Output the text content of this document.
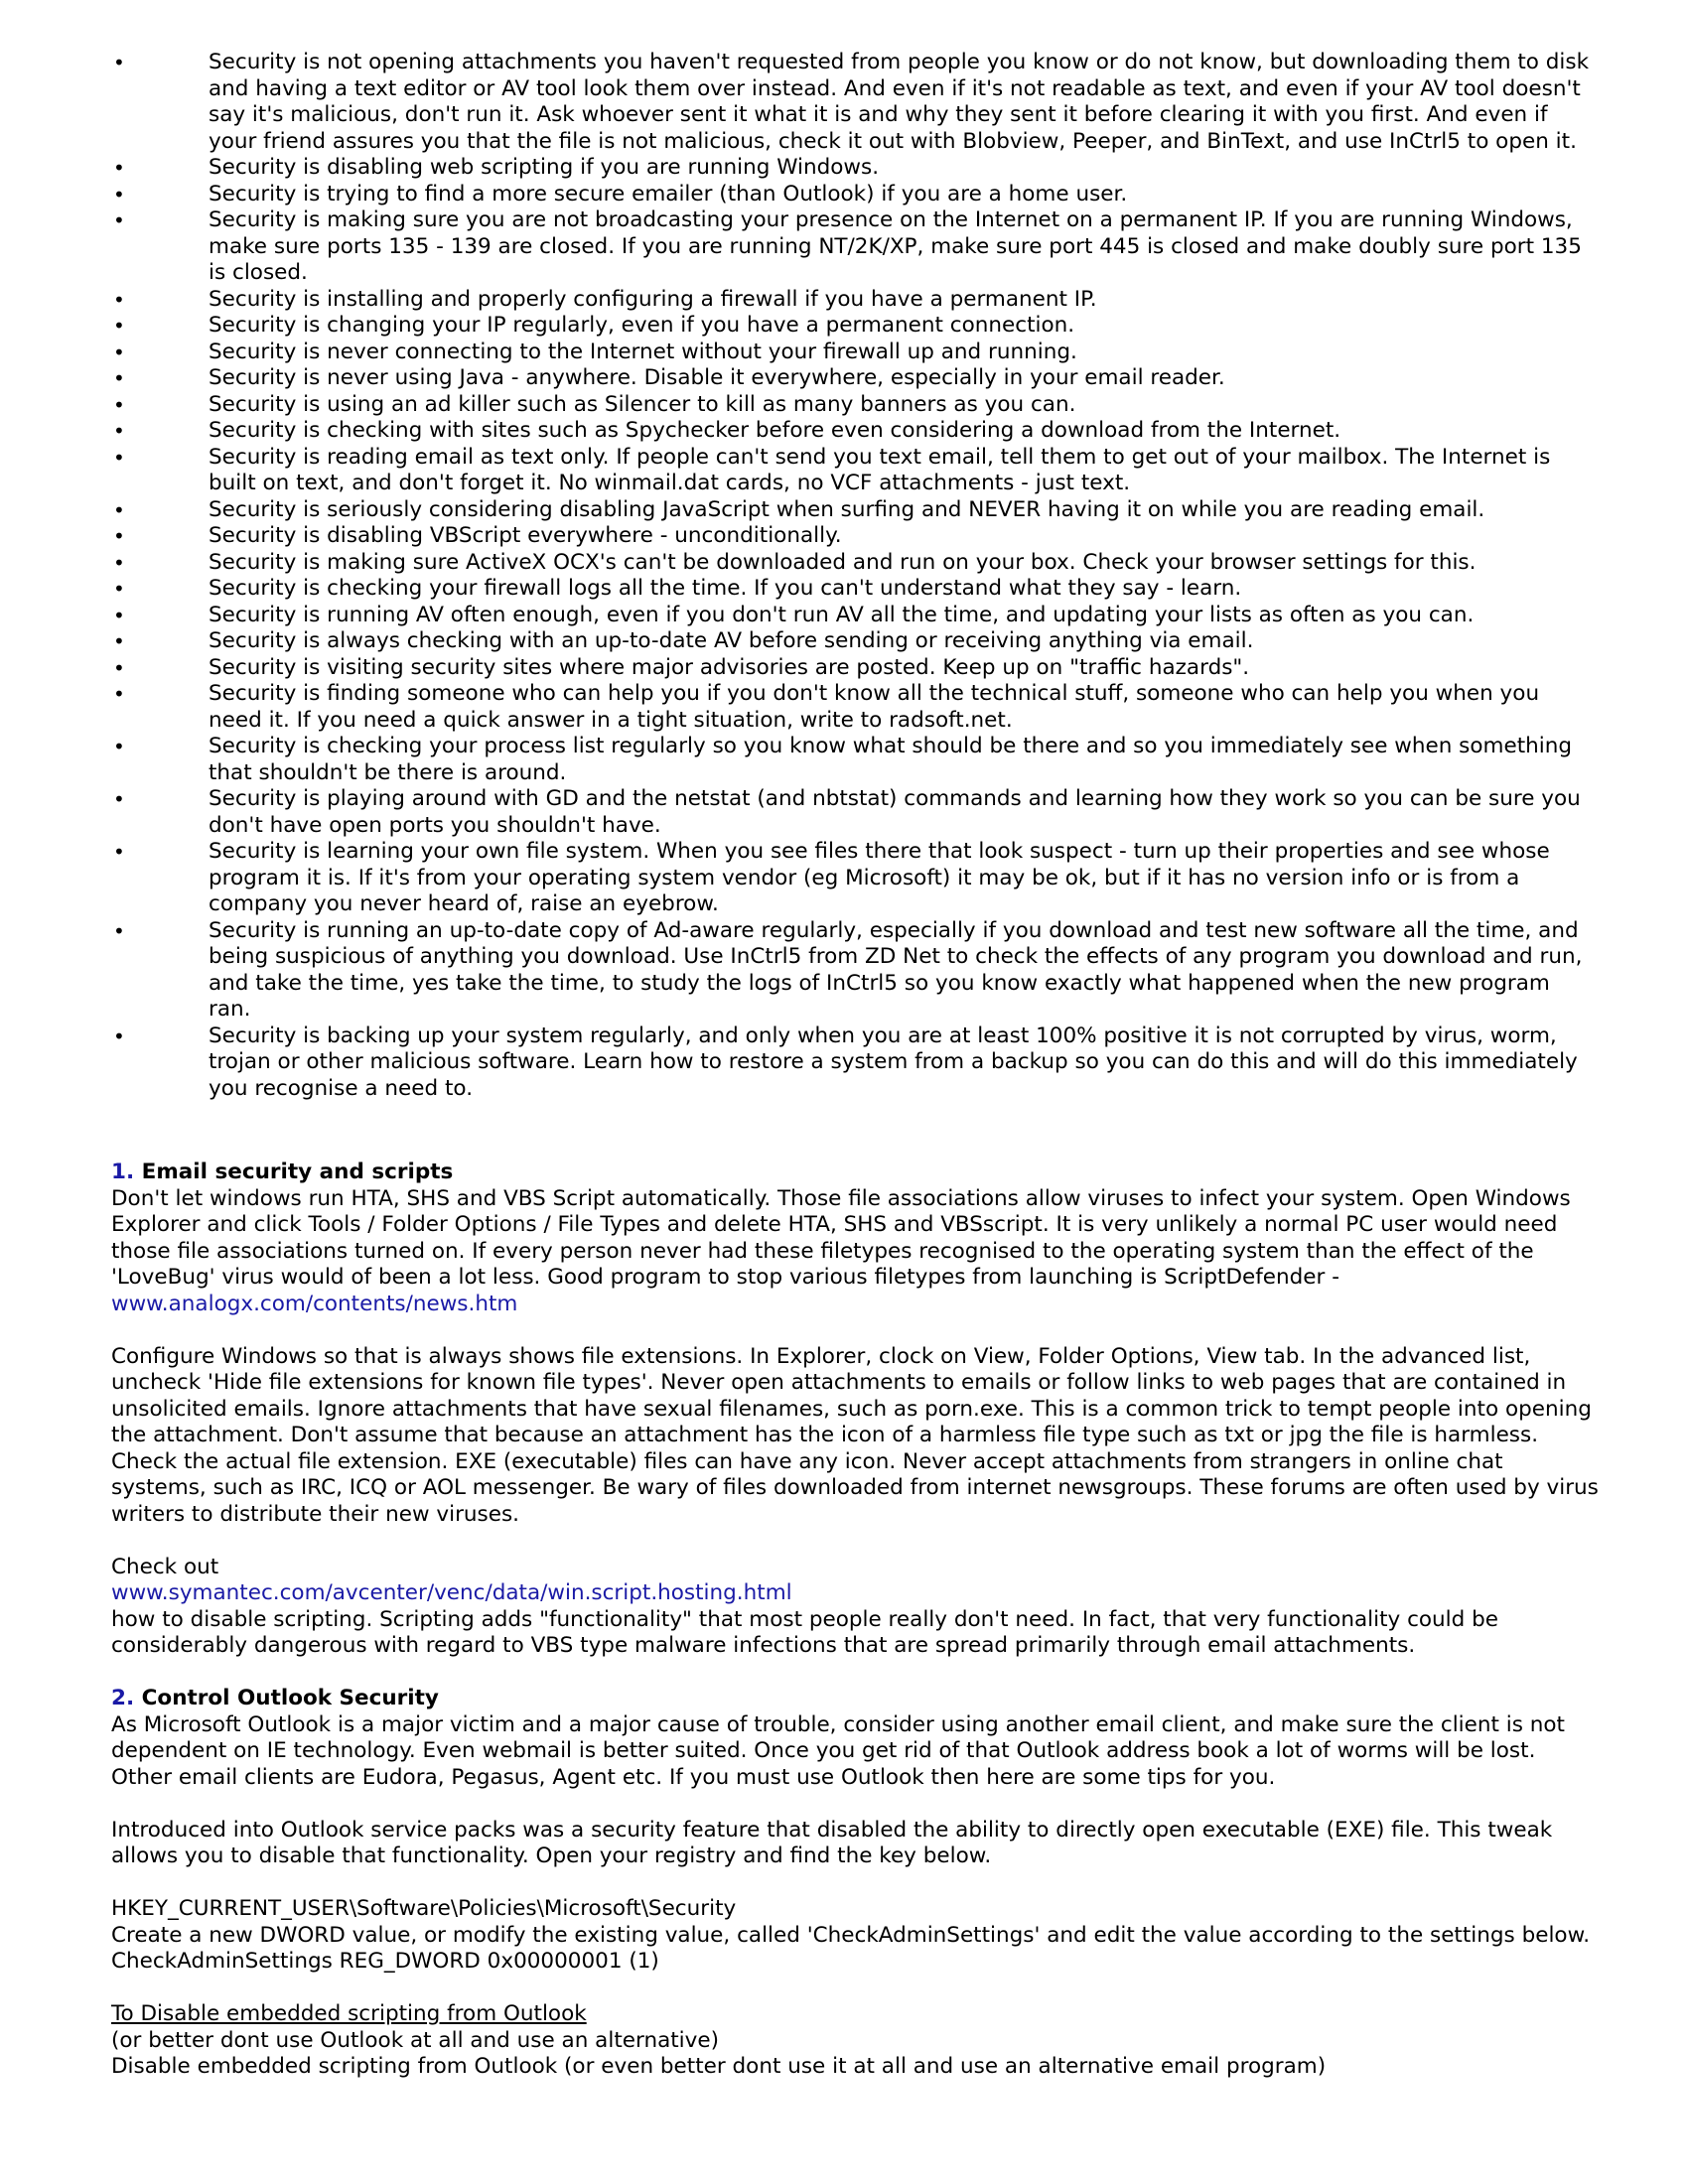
•	Security is not opening attachments you haven't requested from people you know or do not know, but downloading them to disk and having a text editor or AV tool look them over instead. And even if it's not readable as text, and even if your AV tool doesn't say it's malicious, don't run it. Ask whoever sent it what it is and why they sent it before clearing it with you first. And even if your friend assures you that the file is not malicious, check it out with Blobview, Peeper, and BinText, and use InCtrl5 to open it.
•	Security is disabling web scripting if you are running Windows.
•	Security is trying to find a more secure emailer (than Outlook) if you are a home user.
•	Security is making sure you are not broadcasting your presence on the Internet on a permanent IP. If you are running Windows, make sure ports 135 - 139 are closed. If you are running NT/2K/XP, make sure port 445 is closed and make doubly sure port 135 is closed.
•	Security is installing and properly configuring a firewall if you have a permanent IP.
•	Security is changing your IP regularly, even if you have a permanent connection.
•	Security is never connecting to the Internet without your firewall up and running.
•	Security is never using Java - anywhere. Disable it everywhere, especially in your email reader.
•	Security is using an ad killer such as Silencer to kill as many banners as you can.
•	Security is checking with sites such as Spychecker before even considering a download from the Internet.
•	Security is reading email as text only. If people can't send you text email, tell them to get out of your mailbox. The Internet is built on text, and don't forget it. No winmail.dat cards, no VCF attachments - just text.
•	Security is seriously considering disabling JavaScript when surfing and NEVER having it on while you are reading email.
•	Security is disabling VBScript everywhere - unconditionally.
•	Security is making sure ActiveX OCX's can't be downloaded and run on your box. Check your browser settings for this.
•	Security is checking your firewall logs all the time. If you can't understand what they say - learn.
•	Security is running AV often enough, even if you don't run AV all the time, and updating your lists as often as you can.
•	Security is always checking with an up-to-date AV before sending or receiving anything via email.
•	Security is visiting security sites where major advisories are posted. Keep up on "traffic hazards".
•	Security is finding someone who can help you if you don't know all the technical stuff, someone who can help you when you need it. If you need a quick answer in a tight situation, write to radsoft.net.
•	Security is checking your process list regularly so you know what should be there and so you immediately see when something that shouldn't be there is around.
•	Security is playing around with GD and the netstat (and nbtstat) commands and learning how they work so you can be sure you don't have open ports you shouldn't have.
•	Security is learning your own file system. When you see files there that look suspect - turn up their properties and see whose program it is. If it's from your operating system vendor (eg Microsoft) it may be ok, but if it has no version info or is from a company you never heard of, raise an eyebrow.
•	Security is running an up-to-date copy of Ad-aware regularly, especially if you download and test new software all the time, and being suspicious of anything you download. Use InCtrl5 from ZD Net to check the effects of any program you download and run, and take the time, yes take the time, to study the logs of InCtrl5 so you know exactly what happened when the new program ran.
•	Security is backing up your system regularly, and only when you are at least 100% positive it is not corrupted by virus, worm, trojan or other malicious software. Learn how to restore a system from a backup so you can do this and will do this immediately you recognise a need to.

1. Email security and scripts

Don't let windows run HTA, SHS and VBS Script automatically. Those file associations allow viruses to infect your system. Open Windows Explorer and click Tools / Folder Options / File Types and delete HTA, SHS and VBSscript. It is very unlikely a normal PC user would need those file associations turned on. If every person never had these filetypes recognised to the operating system than the effect of the 'LoveBug' virus would of been a lot less. Good program to stop various filetypes from launching is ScriptDefender - www.analogx.com/contents/news.htm

Configure Windows so that is always shows file extensions. In Explorer, clock on View, Folder Options, View tab. In the advanced list, uncheck 'Hide file extensions for known file types'. Never open attachments to emails or follow links to web pages that are contained in unsolicited emails. Ignore attachments that have sexual filenames, such as porn.exe. This is a common trick to tempt people into opening the attachment. Don't assume that because an attachment has the icon of a harmless file type such as txt or jpg the file is harmless. Check the actual file extension. EXE (executable) files can have any icon. Never accept attachments from strangers in online chat systems, such as IRC, ICQ or AOL messenger. Be wary of files downloaded from internet newsgroups. These forums are often used by virus writers to distribute their new viruses.

Check out

www.symantec.com/avcenter/venc/data/win.script.hosting.html

how to disable scripting. Scripting adds "functionality" that most people really don't need. In fact, that very functionality could be considerably dangerous with regard to VBS type malware infections that are spread primarily through email attachments.

2. Control Outlook Security

As Microsoft Outlook is a major victim and a major cause of trouble, consider using another email client, and make sure the client is not dependent on IE technology. Even webmail is better suited. Once you get rid of that Outlook address book a lot of worms will be lost. Other email clients are Eudora, Pegasus, Agent etc. If you must use Outlook then here are some tips for you.

Introduced into Outlook service packs was a security feature that disabled the ability to directly open executable (EXE) file. This tweak allows you to disable that functionality. Open your registry and find the key below.

HKEY_CURRENT_USER\Software\Policies\Microsoft\Security

Create a new DWORD value, or modify the existing value, called 'CheckAdminSettings' and edit the value according to the settings below.

CheckAdminSettings REG_DWORD 0x00000001 (1)

To Disable embedded scripting from Outlook

(or better dont use Outlook at all and use an alternative)

Disable embedded scripting from Outlook (or even better dont use it at all and use an alternative email program)
